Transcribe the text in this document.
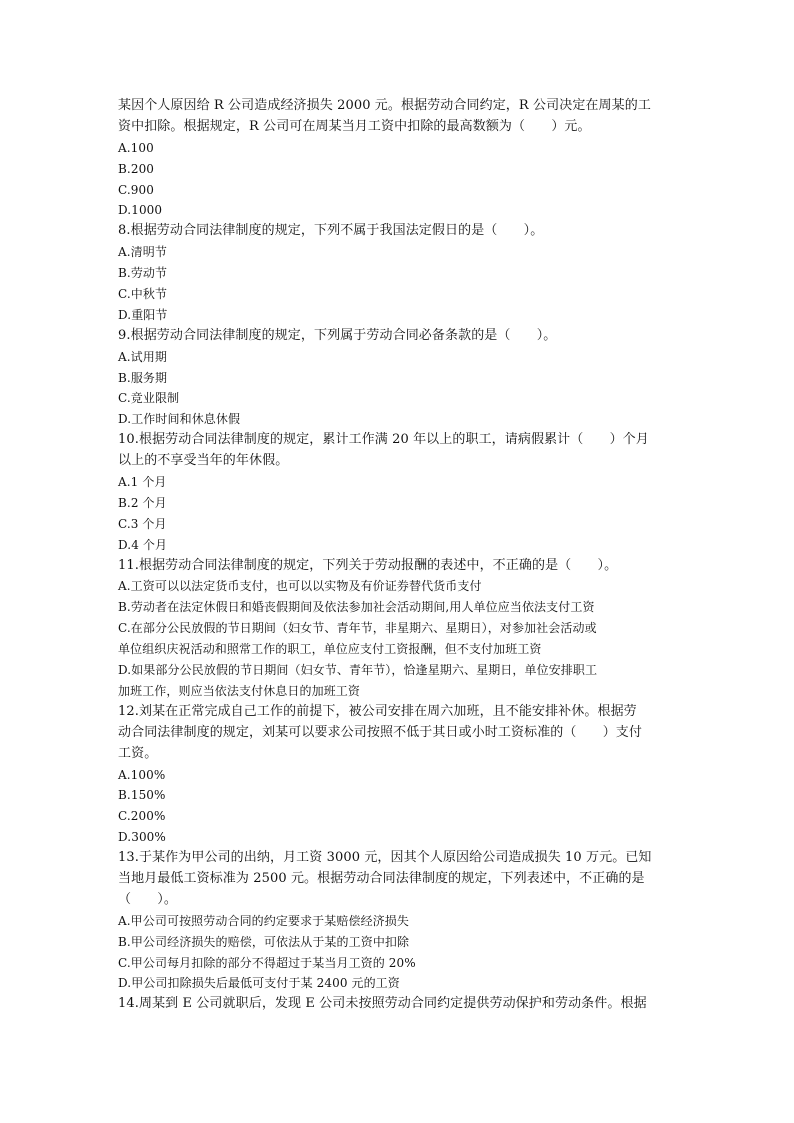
某因个人原因给 R 公司造成经济损失 2000 元。根据劳动合同约定，R 公司决定在周某的工
资中扣除。根据规定，R 公司可在周某当月工资中扣除的最高数额为（　　）元。
A.100
B.200
C.900
D.1000
8.根据劳动合同法律制度的规定，下列不属于我国法定假日的是（　　）。
A.清明节
B.劳动节
C.中秋节
D.重阳节
9.根据劳动合同法律制度的规定，下列属于劳动合同必备条款的是（　　）。
A.试用期
B.服务期
C.竞业限制
D.工作时间和休息休假
10.根据劳动合同法律制度的规定，累计工作满 20 年以上的职工，请病假累计（　　）个月
以上的不享受当年的年休假。
A.1 个月
B.2 个月
C.3 个月
D.4 个月
11.根据劳动合同法律制度的规定，下列关于劳动报酬的表述中，不正确的是（　　）。
A.工资可以以法定货币支付，也可以以实物及有价证券替代货币支付
B.劳动者在法定休假日和婚丧假期间及依法参加社会活动期间,用人单位应当依法支付工资
C.在部分公民放假的节日期间（妇女节、青年节，非星期六、星期日），对参加社会活动或
单位组织庆祝活动和照常工作的职工，单位应支付工资报酬，但不支付加班工资
D.如果部分公民放假的节日期间（妇女节、青年节），恰逢星期六、星期日，单位安排职工
加班工作，则应当依法支付休息日的加班工资
12.刘某在正常完成自己工作的前提下，被公司安排在周六加班，且不能安排补休。根据劳
动合同法律制度的规定，刘某可以要求公司按照不低于其日或小时工资标准的（　　）支付
工资。
A.100%
B.150%
C.200%
D.300%
13.于某作为甲公司的出纳，月工资 3000 元，因其个人原因给公司造成损失 10 万元。已知
当地月最低工资标准为 2500 元。根据劳动合同法律制度的规定，下列表述中，不正确的是
（　　）。
A.甲公司可按照劳动合同的约定要求于某赔偿经济损失
B.甲公司经济损失的赔偿，可依法从于某的工资中扣除
C.甲公司每月扣除的部分不得超过于某当月工资的 20%
D.甲公司扣除损失后最低可支付于某 2400 元的工资
14.周某到 E 公司就职后，发现 E 公司未按照劳动合同约定提供劳动保护和劳动条件。根据
